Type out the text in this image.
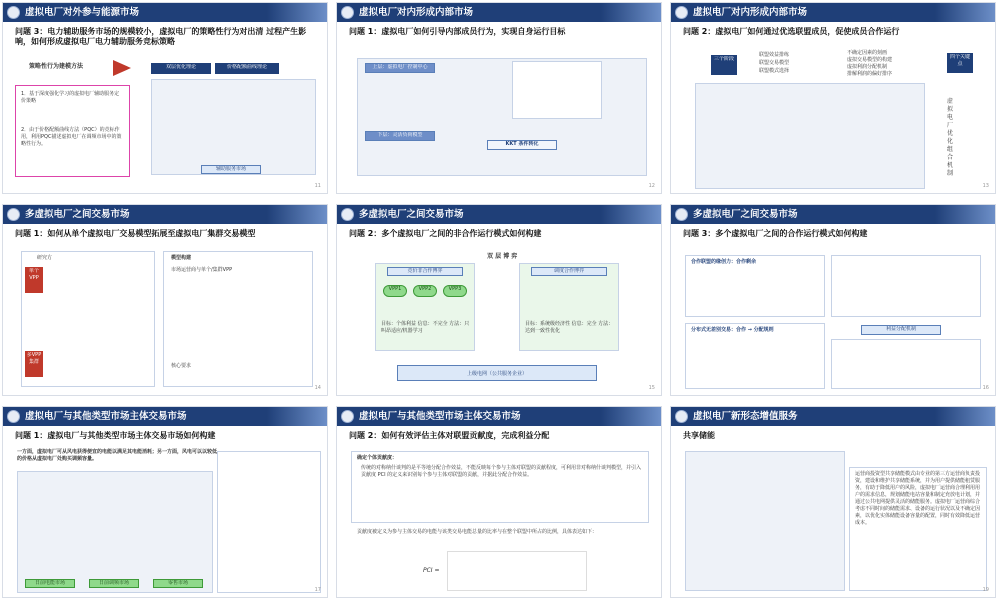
虚拟电厂对外参与能源市场
问题 3：电力辅助服务市场的规模较小，虚拟电厂的策略性行为对出清 过程产生影响，如何形成虚拟电厂电力辅助服务竞标策略
策略性行为建模方法	双层优化理论	价格配额曲线理论
1．基于深度强化学习的虚拟电厂辅助服务定价策略
2．由于价格配额曲线方法（PQC）的竞标作用，利用PQC描述虚拟电厂在调频市场中的策略性行为。
辅助服务市场
11
虚拟电厂对内形成内部市场
问题 1：虚拟电厂如何引导内部成员行为，实现自身运行目标
上层：虚拟电厂控制中心
下层：灵活负荷模型
KKT 条件转化
12
虚拟电厂对内形成内部市场
问题 2：虚拟电厂如何通过优选联盟成员，促使成员合作运行
三个阶段
联盟效益排练
联盟交易模型
联盟模式选择
不确定因素的刻画
虚拟交易模型的构建
虚拟利润分配机制
排解利润的偏好排序
四个关键点
虚拟电厂优化组合机制
13
多虚拟电厂之间交易市场
问题 1：如何从单个虚拟电厂交易模型拓展至虚拟电厂集群交易模型
研究方
单个VPP
多VPP集群
模型构建
市场运营商与单个/集群VPP
核心要求
14
多虚拟电厂之间交易市场
问题 2：多个虚拟电厂之间的非合作运行模式如何构建
双 层 博 弈
竞价非合作博弈	调度合作博弈
VPP1	VPP2	VPP3
目标：个体利益 信息：不完全 方法：只叫昂适应/机器学习
目标：系统级经济性 信息：完全 方法：达到一致性优化
上级电网（公共服务企业）
15
多虚拟电厂之间交易市场
问题 3：多个虚拟电厂之间的合作运行模式如何构建
合作联盟的缘创力：合作剩余
分布式无差别交易：合作 → 分配规则	利益分配机制
16
虚拟电厂与其他类型市场主体交易市场
问题 1：虚拟电厂与其他类型市场主体交易市场如何构建
一方面，虚拟电厂可从风电获得便宜的电能以满足其电能消耗；另一方面，风电可以以较低的价格从虚拟电厂处购买调频容量。
日前电能市场	日前调频市场	零售市场
17
虚拟电厂与其他类型市场主体交易市场
问题 2：如何有效评估主体对联盟贡献度，完成利益分配
确定个体贡献度：
传统的对称纳什谈判的是平等地分配合作效益，不能反映每个参与主体对联盟的贡献程度，可利用非对称纳什谈判模型，并引入贡献度 PCI 的定义来识别每个参与主体对联盟的贡献，并据此分配合作效益。
贡献度被定义为参与主体交易的电能与该类交易电能总量的比率与在整个联盟中所占的比例，具体表达如下：
PCI =
虚拟电厂新形态增值服务
共享储能
运营商投资型共享储能模式由专业的第三方运营商负责投资，建设和维护共享储能系统，并为用户提供储能租赁服务，有助于降低用户的风险，虚拟电厂运营商合理利用用户的需求信息，规划储能电站容量和制定充放电计划，并通过公共电网提供灵活的储能服务。虚拟电厂运营商综合考虑不同时间的储能需求、设备的运行状况以及不确定因素，以优化实体储能设备容量的配置，同时有效降低运营成本。
19
